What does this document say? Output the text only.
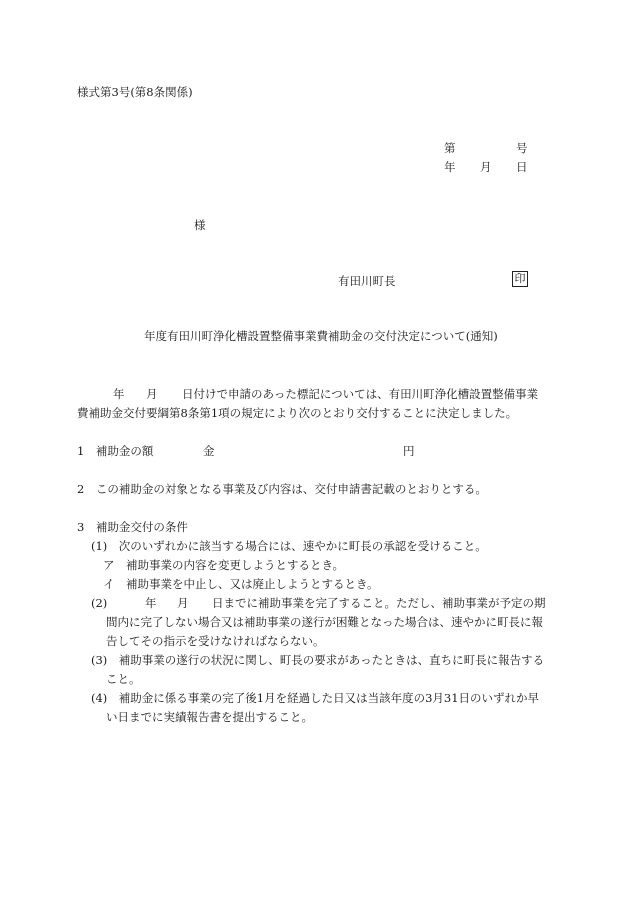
様式第3号(第8条関係)
第	号
年 月 日
様
有田川町長	印
年度有田川町浄化槽設置整備事業費補助金の交付決定について(通知)
年 月 日付けで申請のあった標記については、有田川町浄化槽設置整備事業
費補助金交付要綱第8条第1項の規定により次のとおり交付することに決定しました。
1　補助金の額	金	円
2　この補助金の対象となる事業及び内容は、交付申請書記載のとおりとする。
3　補助金交付の条件
(1)　次のいずれかに該当する場合には、速やかに町長の承認を受けること。
ア　補助事業の内容を変更しようとするとき。
イ　補助事業を中止し、又は廃止しようとするとき。
(2)	年 月 日までに補助事業を完了すること。ただし、補助事業が予定の期
間内に完了しない場合又は補助事業の遂行が困難となった場合は、速やかに町長に報
告してその指示を受けなければならない。
(3)　補助事業の遂行の状況に関し、町長の要求があったときは、直ちに町長に報告する
こと。
(4)　補助金に係る事業の完了後1月を経過した日又は当該年度の3月31日のいずれか早
い日までに実績報告書を提出すること。
